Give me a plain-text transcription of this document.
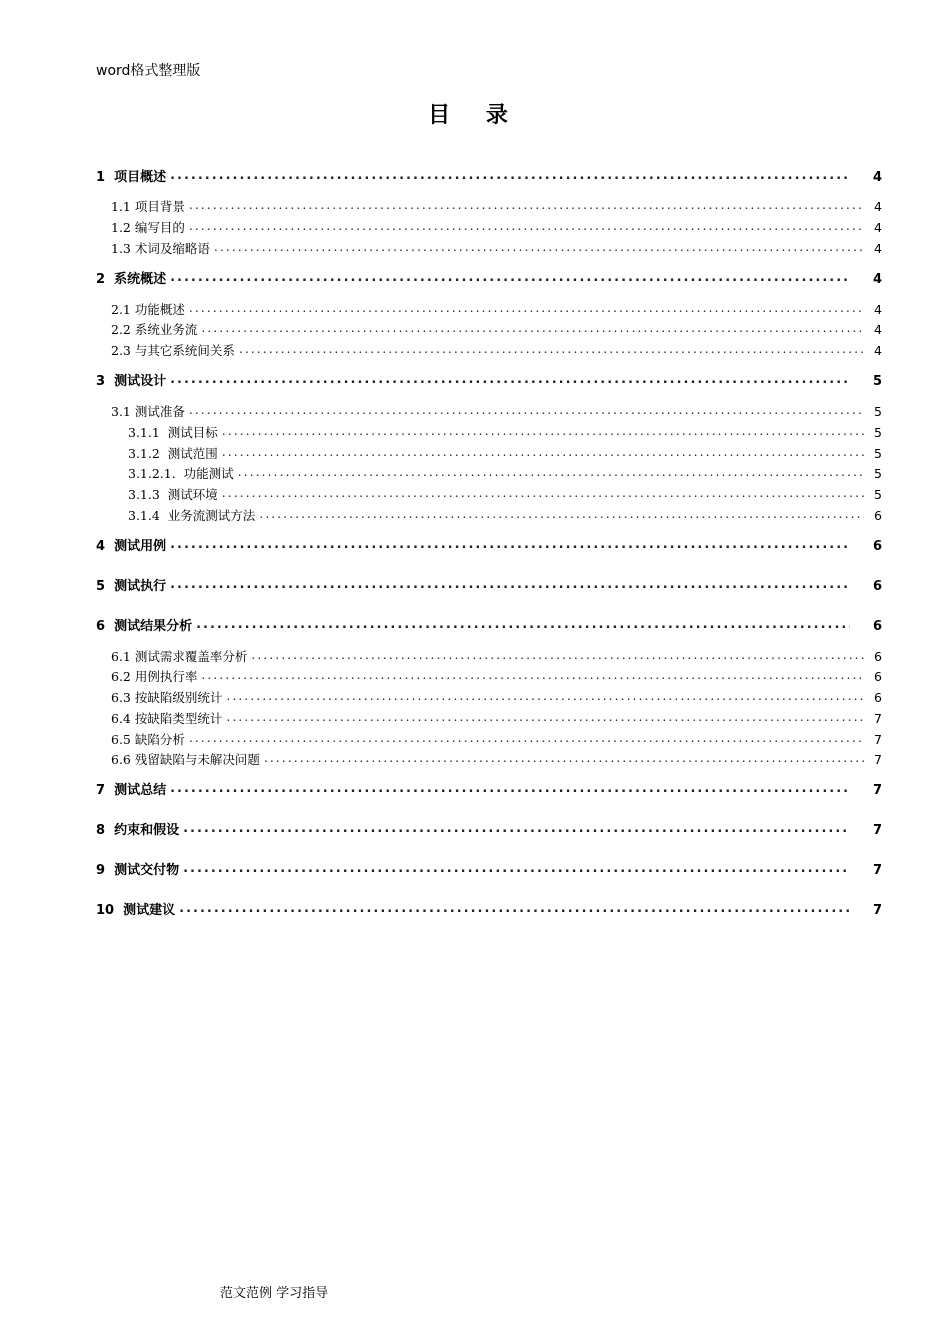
word格式整理版
目 录
1  项目概述 .....	4
1.1 项目背景 .....	4
1.2 编写目的 .....	4
1.3 术词及缩略语 .....	4
2  系统概述 .....	4
2.1 功能概述 .....	4
2.2 系统业务流 .....	4
2.3 与其它系统间关系 .....	4
3  测试设计 .....	5
3.1 测试准备 .....	5
3.1.1  测试目标 .....	5
3.1.2  测试范围 .....	5
3.1.2.1.  功能测试 .....	5
3.1.3  测试环境 .....	5
3.1.4  业务流测试方法 .....	6
4  测试用例 .....	6
5  测试执行 .....	6
6  测试结果分析 .....	6
6.1 测试需求覆盖率分析 .....	6
6.2 用例执行率 .....	6
6.3 按缺陷级别统计 .....	6
6.4 按缺陷类型统计 .....	7
6.5 缺陷分析 .....	7
6.6 残留缺陷与未解决问题 .....	7
7  测试总结 .....	7
8  约束和假设 .....	7
9  测试交付物 .....	7
10  测试建议 .....	7
范文范例 学习指导
